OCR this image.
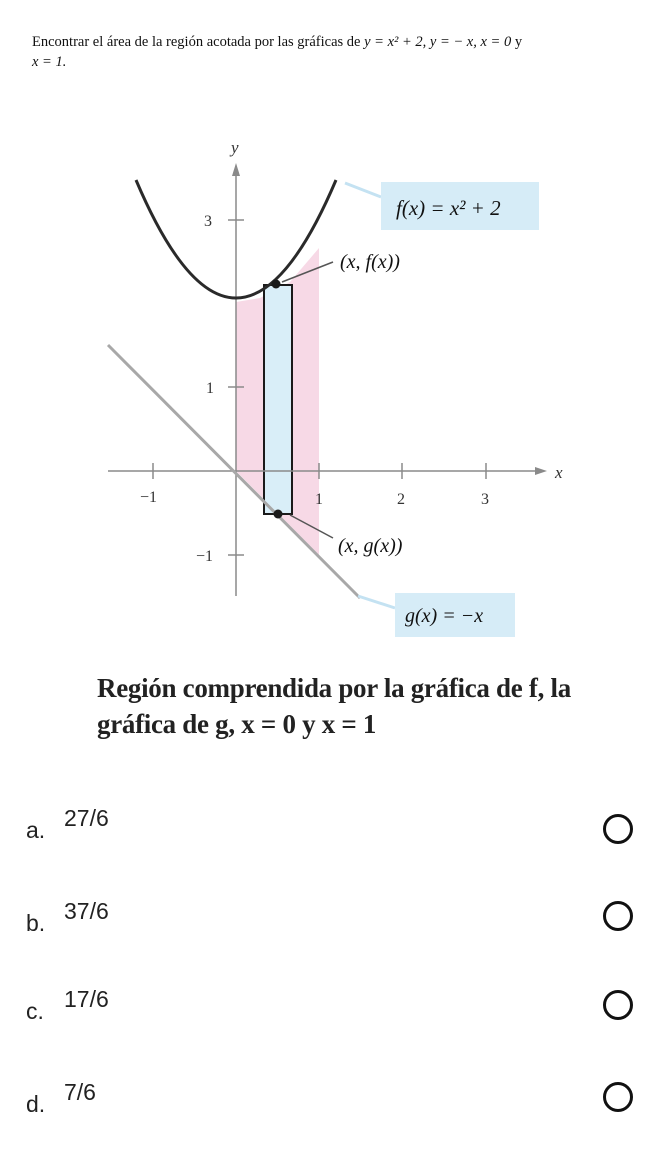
Encontrar el área de la región acotada por las gráficas de y = x² + 2, y = − x, x = 0 y
x = 1.
y
x
−1	1	2	3
3
1
−1
f(x) = x² + 2
(x, f(x))
(x, g(x))
g(x) = −x
Región comprendida por la gráfica de f, la
gráfica de g, x = 0 y x = 1
a. 27/6
b. 37/6
c. 17/6
d. 7/6
